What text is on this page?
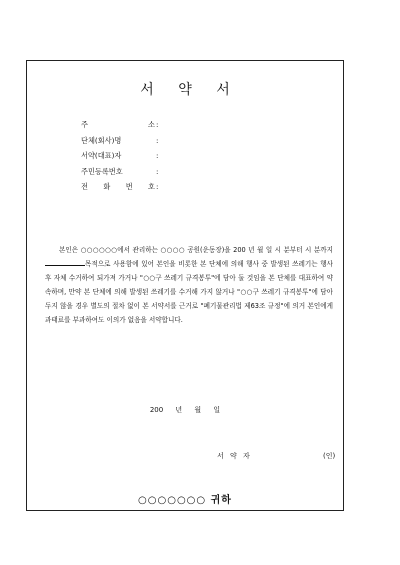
서 약 서
주 소:
단체(회사)명	:
서약(대표)자	:
주민등록번호	:
전 화 번 호:
본인은 ○○○○○○에서 관리하는 ○○○○ 공원(운동장)을 200 년 월 일 시 분부터 시 분까지 목적으로 사용함에 있어 본인을 비롯한 본 단체에 의해 행사 중 발생된 쓰레기는 행사 후 자체 수거하여 되가져 가거나 "○○구 쓰레기 규격봉투"에 담아 둘 것임을 본 단체를 대표하여 약속하며, 만약 본 단체에 의해 발생된 쓰레기를 수거해 가지 않거나 "○○구 쓰레기 규격봉투"에 담아두지 않을 경우 별도의 절차 없이 본 서약서를 근거로 "폐기물관리법 제63조 규정"에 의거 본인에게 과태료를 부과하여도 이의가 없음을 서약합니다.
200 년 월 일
서 약 자	(인)
○○○○○○○ 귀하
